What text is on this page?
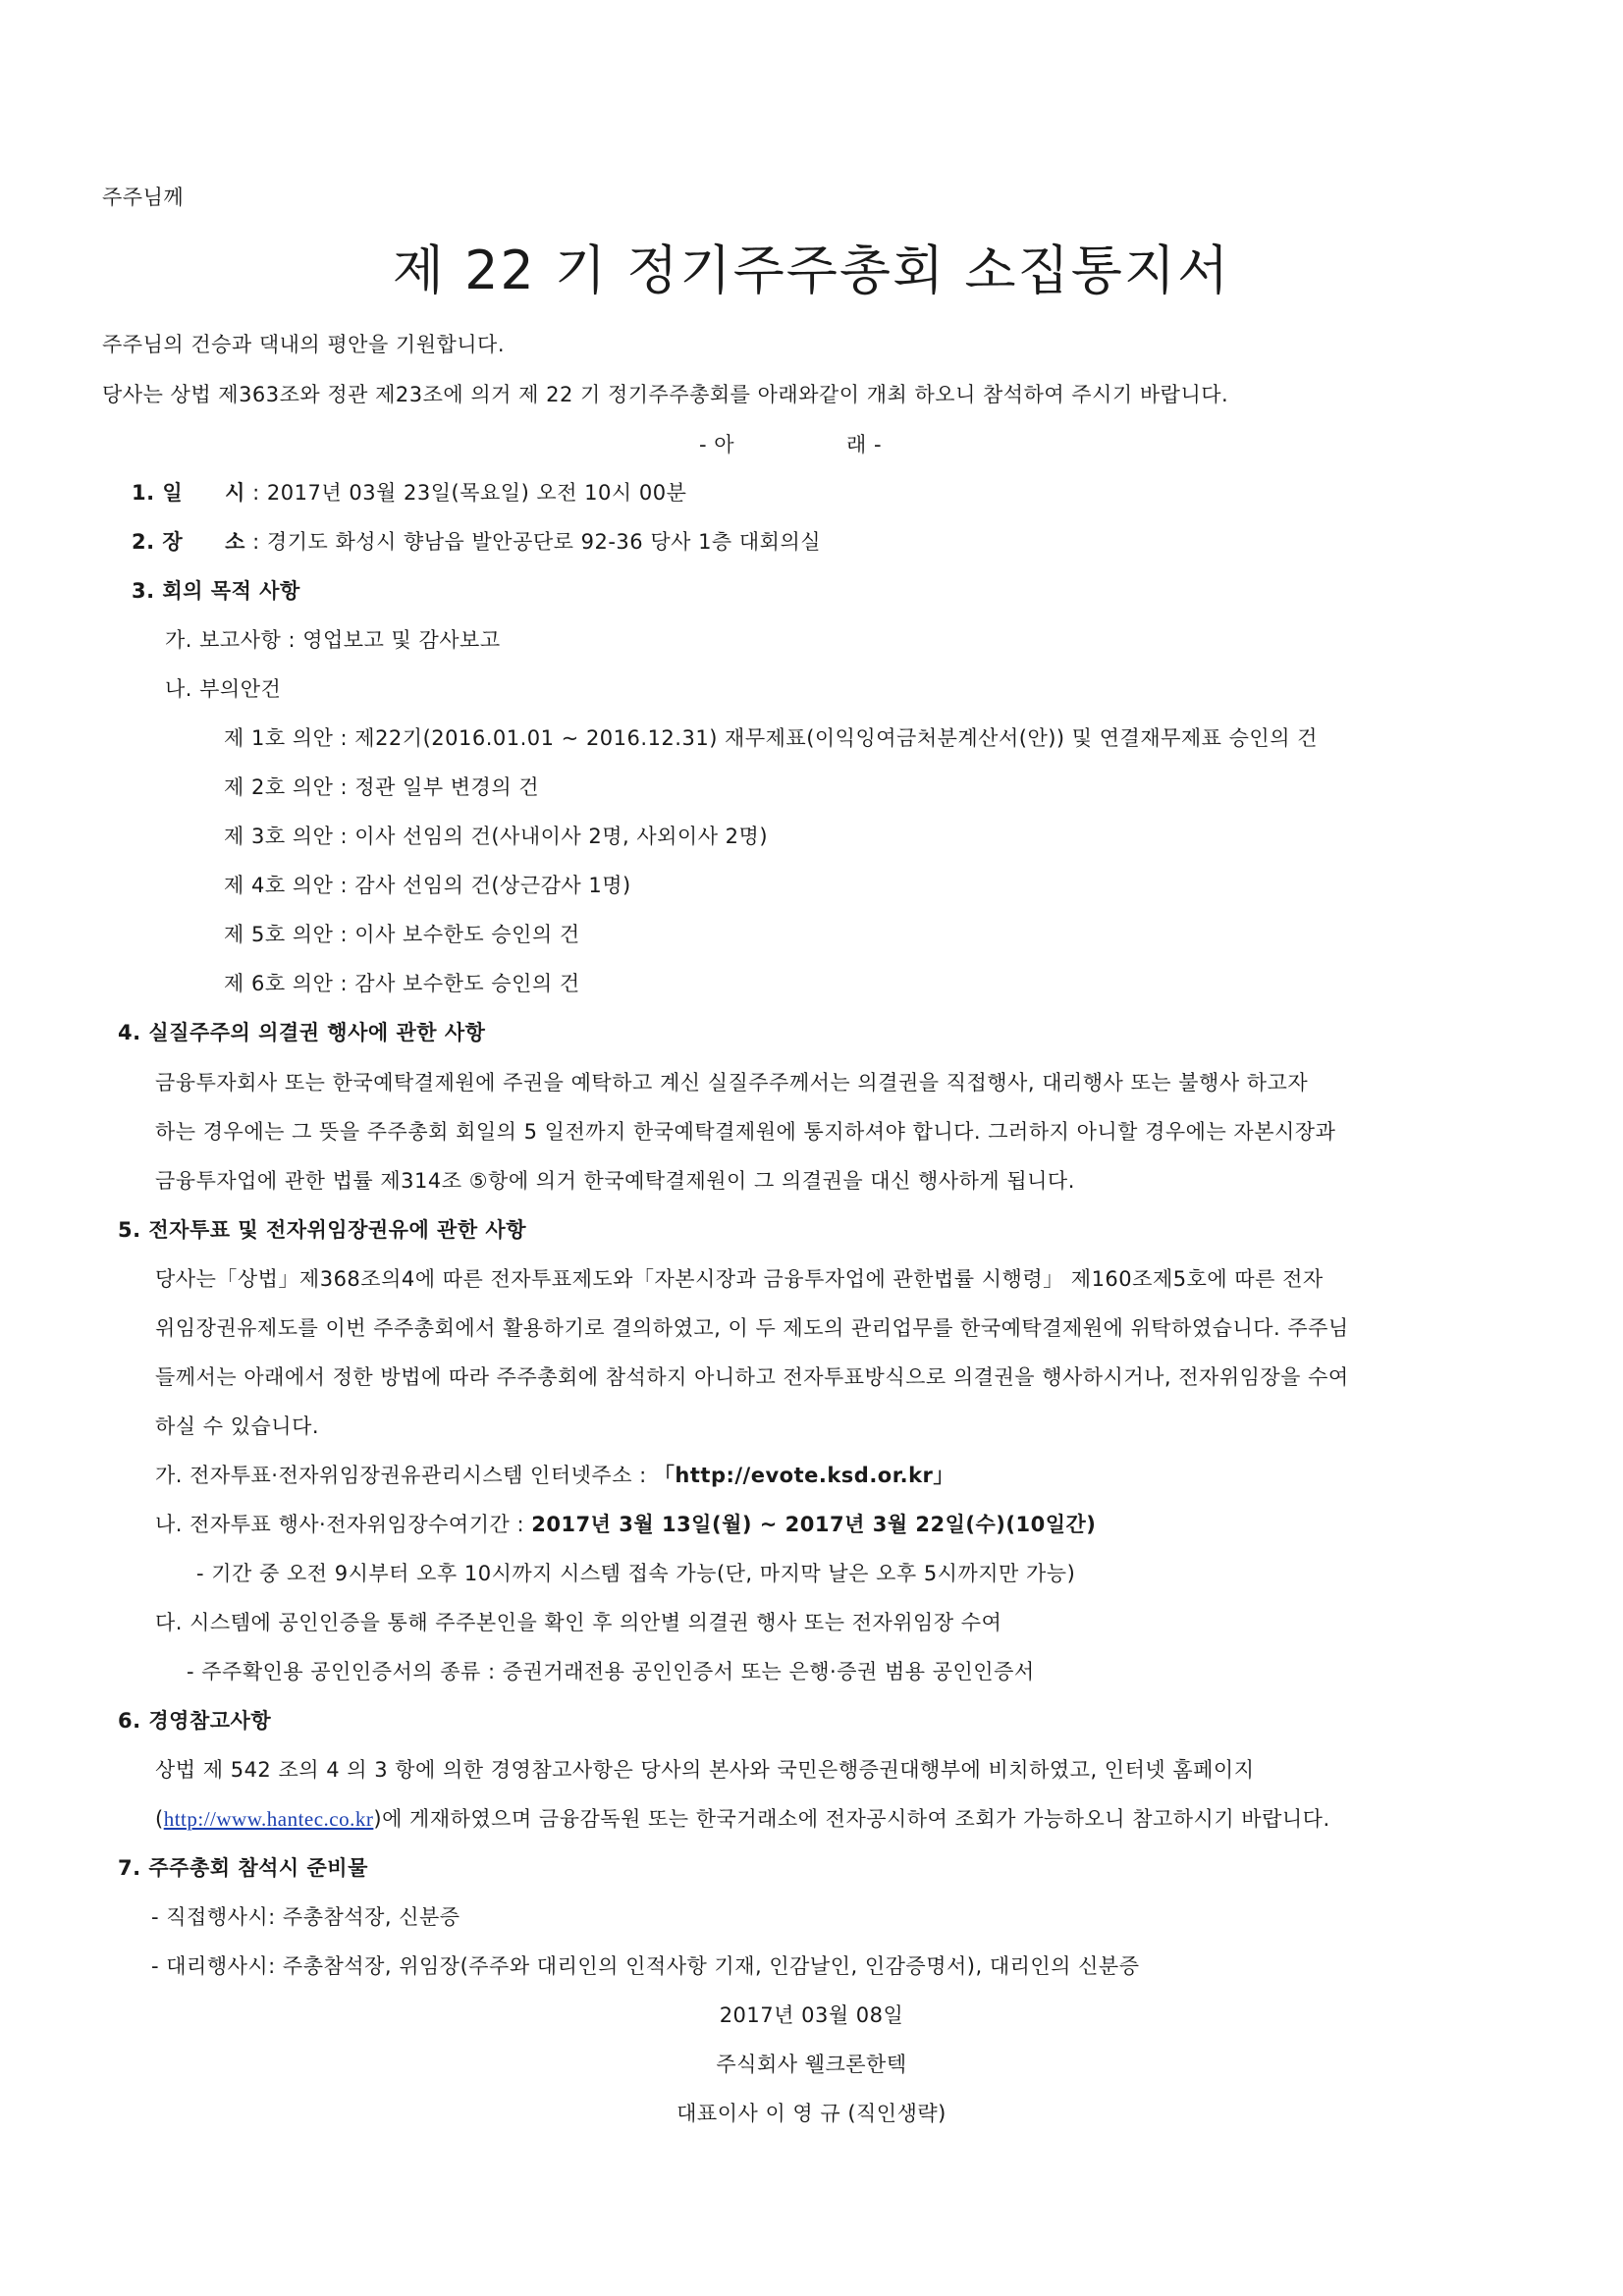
주주님께
제 22 기 정기주주총회 소집통지서
주주님의 건승과 댁내의 평안을 기원합니다.
당사는 상법 제363조와 정관 제23조에 의거 제 22 기 정기주주총회를 아래와같이 개최 하오니 참석하여 주시기 바랍니다.
- 아	래 -
1. 일　　시 : 2017년 03월 23일(목요일) 오전 10시 00분
2. 장　　소 : 경기도 화성시 향남읍 발안공단로 92-36 당사 1층 대회의실
3. 회의 목적 사항
가. 보고사항 : 영업보고 및 감사보고
나. 부의안건
제 1호 의안 : 제22기(2016.01.01 ~ 2016.12.31) 재무제표(이익잉여금처분계산서(안)) 및 연결재무제표 승인의 건
제 2호 의안 : 정관 일부 변경의 건
제 3호 의안 : 이사 선임의 건(사내이사 2명, 사외이사 2명)
제 4호 의안 : 감사 선임의 건(상근감사 1명)
제 5호 의안 : 이사 보수한도 승인의 건
제 6호 의안 : 감사 보수한도 승인의 건
4. 실질주주의 의결권 행사에 관한 사항
금융투자회사 또는 한국예탁결제원에 주권을 예탁하고 계신 실질주주께서는 의결권을 직접행사, 대리행사 또는 불행사 하고자
하는 경우에는 그 뜻을 주주총회 회일의 5 일전까지 한국예탁결제원에 통지하셔야 합니다. 그러하지 아니할 경우에는 자본시장과
금융투자업에 관한 법률 제314조 ⑤항에 의거 한국예탁결제원이 그 의결권을 대신 행사하게 됩니다.
5. 전자투표 및 전자위임장권유에 관한 사항
당사는「상법」제368조의4에 따른 전자투표제도와「자본시장과 금융투자업에 관한법률 시행령」 제160조제5호에 따른 전자
위임장권유제도를 이번 주주총회에서 활용하기로 결의하였고, 이 두 제도의 관리업무를 한국예탁결제원에 위탁하였습니다. 주주님
들께서는 아래에서 정한 방법에 따라 주주총회에 참석하지 아니하고 전자투표방식으로 의결권을 행사하시거나, 전자위임장을 수여
하실 수 있습니다.
가. 전자투표·전자위임장권유관리시스템 인터넷주소 : 「http://evote.ksd.or.kr」
나. 전자투표 행사·전자위임장수여기간 : 2017년 3월 13일(월) ~ 2017년 3월 22일(수)(10일간)
- 기간 중 오전 9시부터 오후 10시까지 시스템 접속 가능(단, 마지막 날은 오후 5시까지만 가능)
다. 시스템에 공인인증을 통해 주주본인을 확인 후 의안별 의결권 행사 또는 전자위임장 수여
- 주주확인용 공인인증서의 종류 : 증권거래전용 공인인증서 또는 은행·증권 범용 공인인증서
6. 경영참고사항
상법 제 542 조의 4 의 3 항에 의한 경영참고사항은 당사의 본사와 국민은행증권대행부에 비치하였고, 인터넷 홈페이지
(http://www.hantec.co.kr)에 게재하였으며 금융감독원 또는 한국거래소에 전자공시하여 조회가 가능하오니 참고하시기 바랍니다.
7. 주주총회 참석시 준비물
- 직접행사시: 주총참석장, 신분증
- 대리행사시: 주총참석장, 위임장(주주와 대리인의 인적사항 기재, 인감날인, 인감증명서), 대리인의 신분증
2017년 03월 08일
주식회사 웰크론한텍
대표이사 이 영 규 (직인생략)
